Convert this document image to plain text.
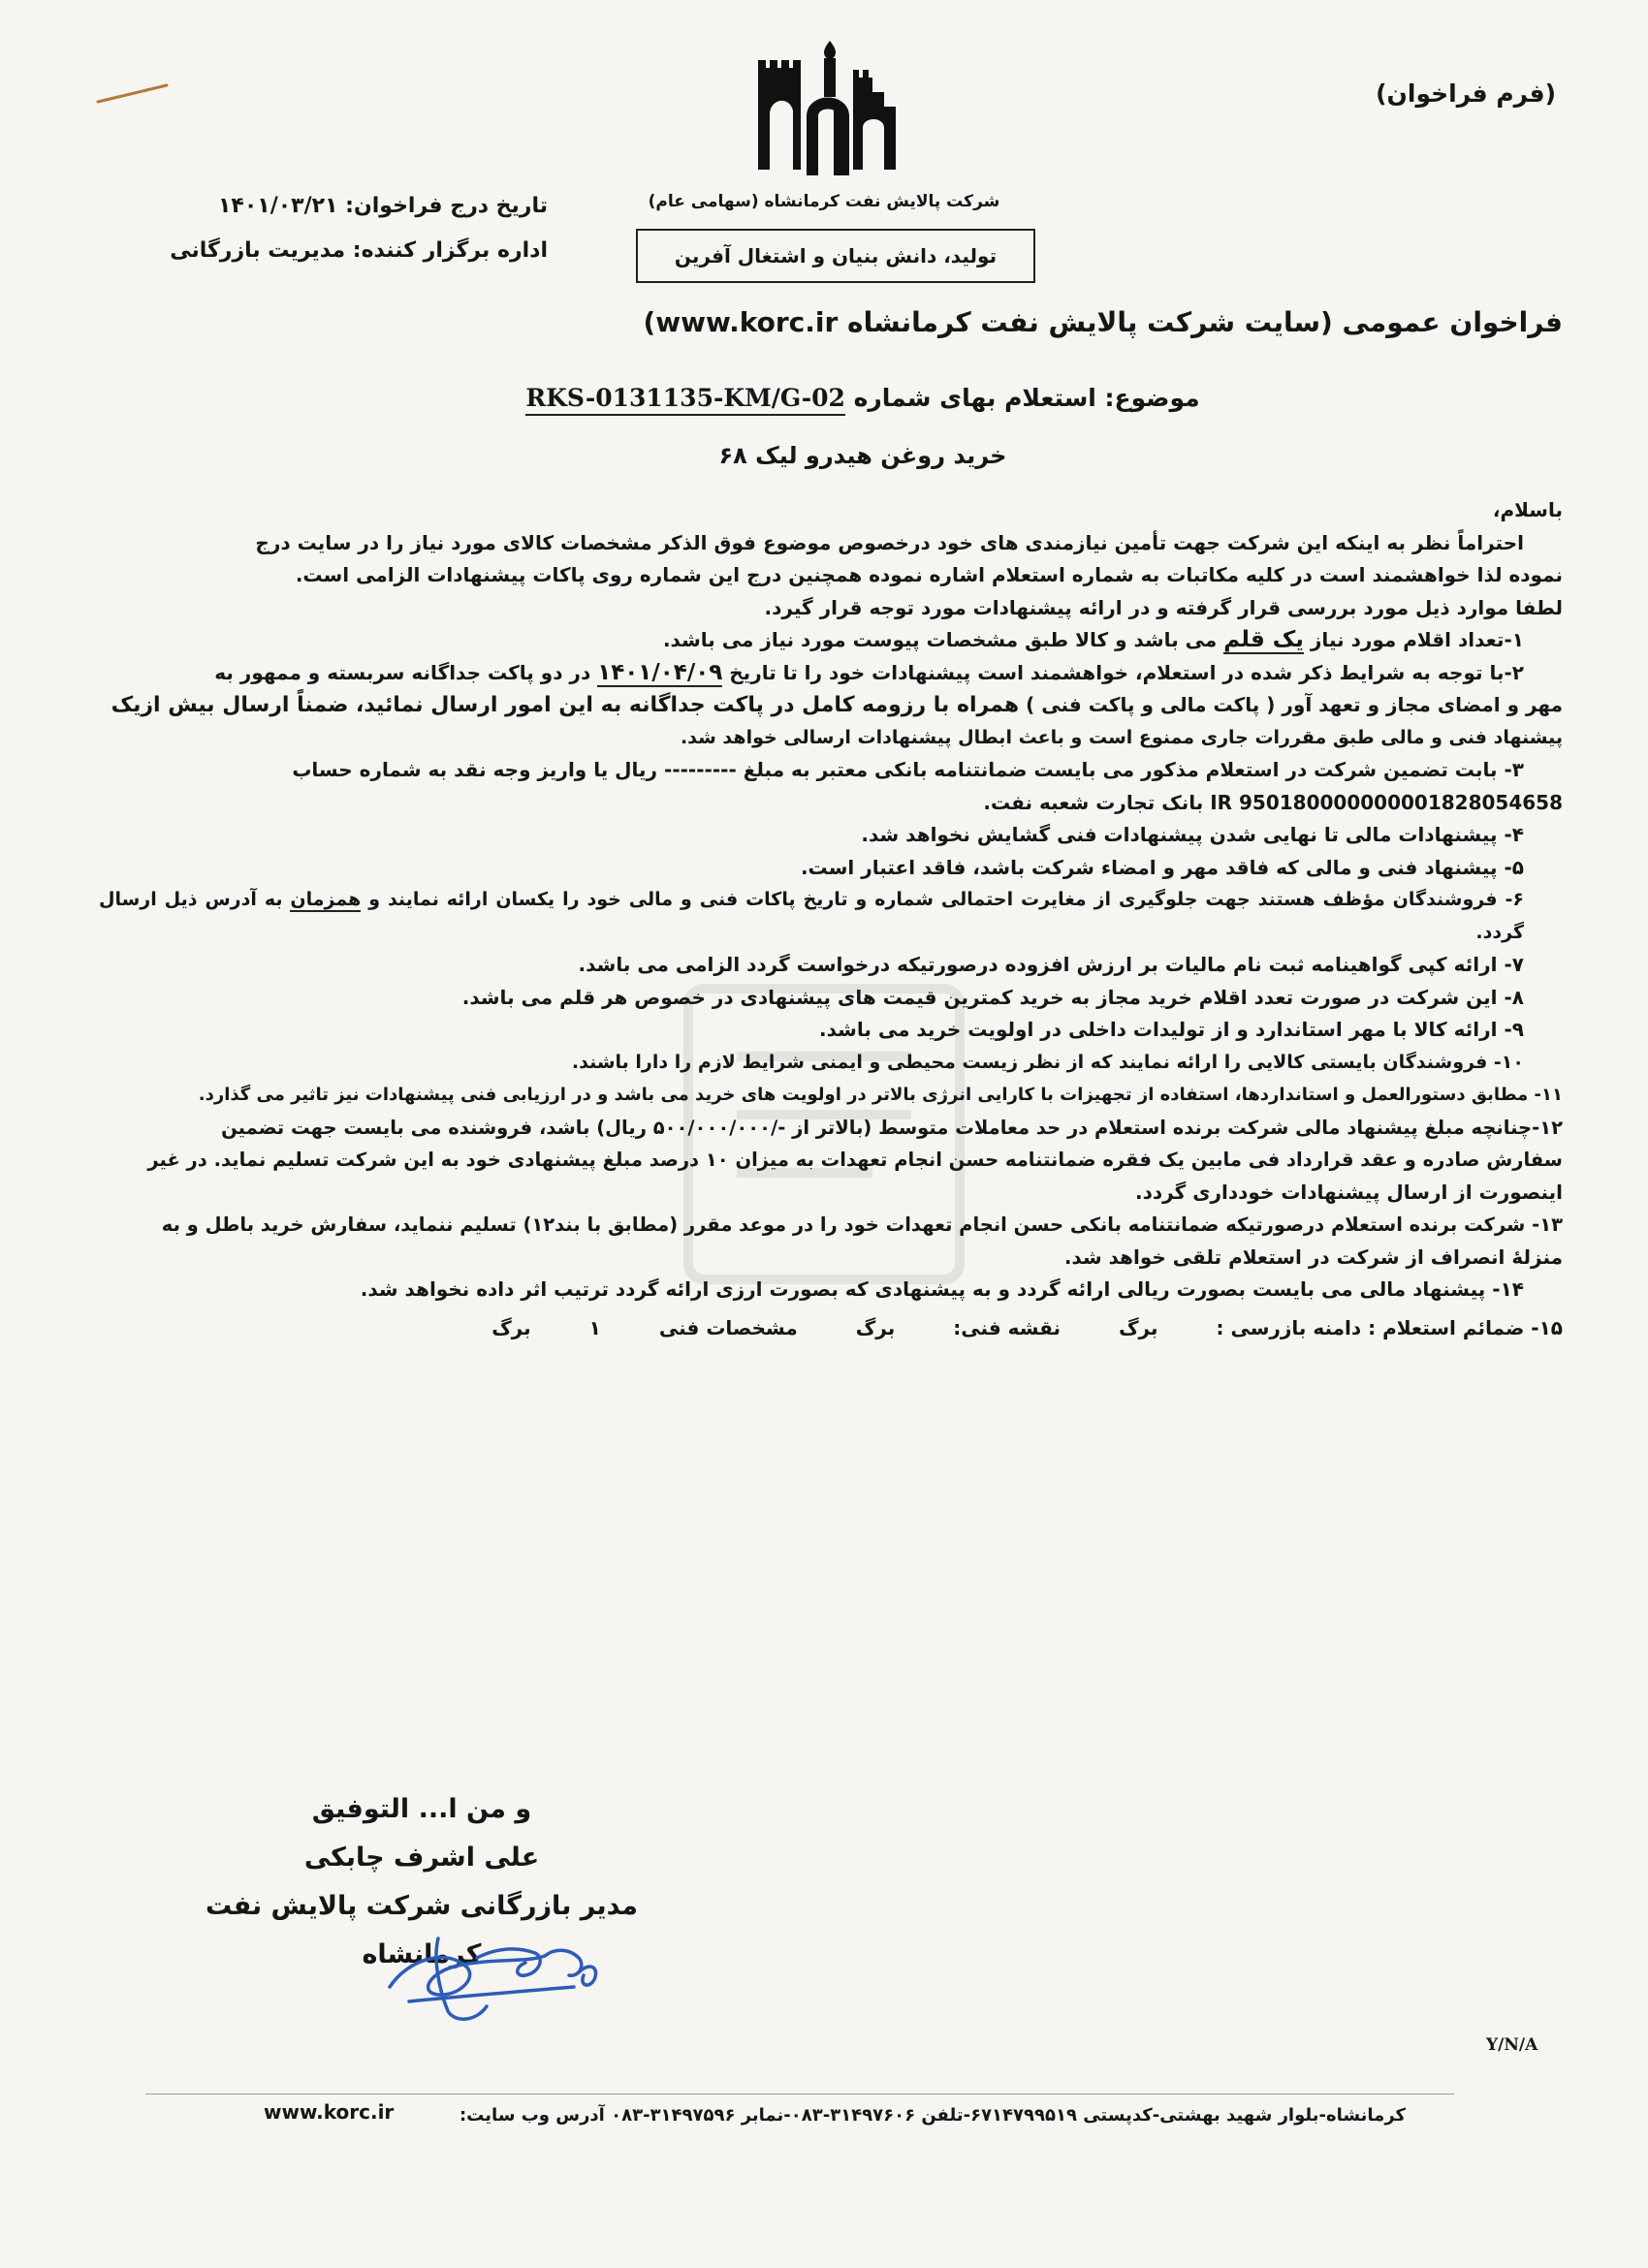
(فرم فراخوان)
تاریخ درج فراخوان: ۱۴۰۱/۰۳/۲۱
اداره برگزار کننده: مدیریت بازرگانی
شرکت پالایش نفت کرمانشاه (سهامی عام)
تولید، دانش بنیان و اشتغال آفرین
فراخوان عمومی (سایت شرکت پالایش نفت کرمانشاه www.korc.ir)
موضوع: استعلام بهای شماره RKS-0131135-KM/G-02
خرید روغن هیدرو لیک ۶۸

باسلام،

احتراماً نظر به اینکه این شرکت جهت تأمین نیازمندی های خود درخصوص موضوع فوق الذکر مشخصات کالای مورد نیاز را در سایت درج

نموده لذا خواهشمند است در کلیه مکاتبات به شماره استعلام اشاره نموده همچنین درج این شماره روی پاکات پیشنهادات الزامی است.

لطفا موارد ذیل مورد بررسی قرار گرفته و در ارائه پیشنهادات مورد توجه قرار گیرد.

۱-تعداد اقلام مورد نیاز یک قلم می باشد و کالا طبق مشخصات پیوست مورد نیاز می باشد.

۲-با توجه به شرایط ذکر شده در استعلام، خواهشمند است پیشنهادات خود را تا تاریخ ۱۴۰۱/۰۴/۰۹ در دو پاکت جداگانه سربسته و ممهور به

مهر و امضای مجاز و تعهد آور ( پاکت مالی و پاکت فنی ) همراه با رزومه کامل در پاکت جداگانه به این امور ارسال نمائید، ضمناً ارسال بیش ازیک

پیشنهاد فنی و مالی طبق مقررات جاری ممنوع است و باعث ابطال پیشنهادات ارسالی خواهد شد.

۳- بابت تضمین شرکت در استعلام مذکور می بایست ضمانتنامه بانکی معتبر به مبلغ --------- ریال یا واریز وجه نقد به شماره حساب

IR 950180000000001828054658 بانک تجارت شعبه نفت.

۴- پیشنهادات مالی تا نهایی شدن پیشنهادات فنی گشایش نخواهد شد.

۵- پیشنهاد فنی و مالی که فاقد مهر و امضاء شرکت باشد، فاقد اعتبار است.

۶- فروشندگان مؤظف هستند جهت جلوگیری از مغایرت احتمالی شماره و تاریخ پاکات فنی و مالی خود را یکسان ارائه نمایند و همزمان به آدرس ذیل ارسال گردد.

۷- ارائه کپی گواهینامه ثبت نام مالیات بر ارزش افزوده درصورتیکه درخواست گردد الزامی می باشد.

۸- این شرکت در صورت تعدد اقلام خرید مجاز به خرید کمترین قیمت های پیشنهادی در خصوص هر قلم می باشد.

۹- ارائه کالا با مهر استاندارد و از تولیدات داخلی در اولویت خرید می باشد.

۱۰- فروشندگان بایستی کالایی را ارائه نمایند که از نظر زیست محیطی و ایمنی شرایط لازم را دارا باشند.

۱۱- مطابق دستورالعمل و استانداردها، استفاده از تجهیزات با کارایی انرژی بالاتر در اولویت های خرید می باشد و در ارزیابی فنی پیشنهادات نیز تاثیر می گذارد.

۱۲-چنانچه مبلغ پیشنهاد مالی شرکت برنده استعلام در حد معاملات متوسط (بالاتر از -/۵۰۰/۰۰۰/۰۰۰ ریال) باشد، فروشنده می بایست جهت تضمین

سفارش صادره و عقد قرارداد فی مابین یک فقره ضمانتنامه حسن انجام تعهدات به میزان ۱۰ درصد مبلغ پیشنهادی خود به این شرکت تسلیم نماید. در غیر

اینصورت از ارسال پیشنهادات خودداری گردد.

۱۳- شرکت برنده استعلام درصورتیکه ضمانتنامه بانکی حسن انجام تعهدات خود را در موعد مقرر (مطابق با بند۱۲) تسلیم ننماید، سفارش خرید باطل و به

منزلهٔ انصراف از شرکت در استعلام تلقی خواهد شد.

۱۴- پیشنهاد مالی می بایست بصورت ریالی ارائه گردد و به پیشنهادی که بصورت ارزی ارائه گردد ترتیب اثر داده نخواهد شد.

۱۵- ضمائم استعلام : دامنه بازرسی :
برگ
نقشه فنی:
برگ
مشخصات فنی
۱
برگ
و من ا... التوفیق
علی اشرف چابکی
مدیر بازرگانی شرکت پالایش نفت کرمانشاه
Y/N/A
کرمانشاه-بلوار شهید بهشتی-کدپستی ۶۷۱۴۷۹۹۵۱۹-تلفن ۳۱۴۹۷۶۰۶-۰۸۳-نمابر ۳۱۴۹۷۵۹۶-۰۸۳ آدرس وب سایت:
www.korc.ir
